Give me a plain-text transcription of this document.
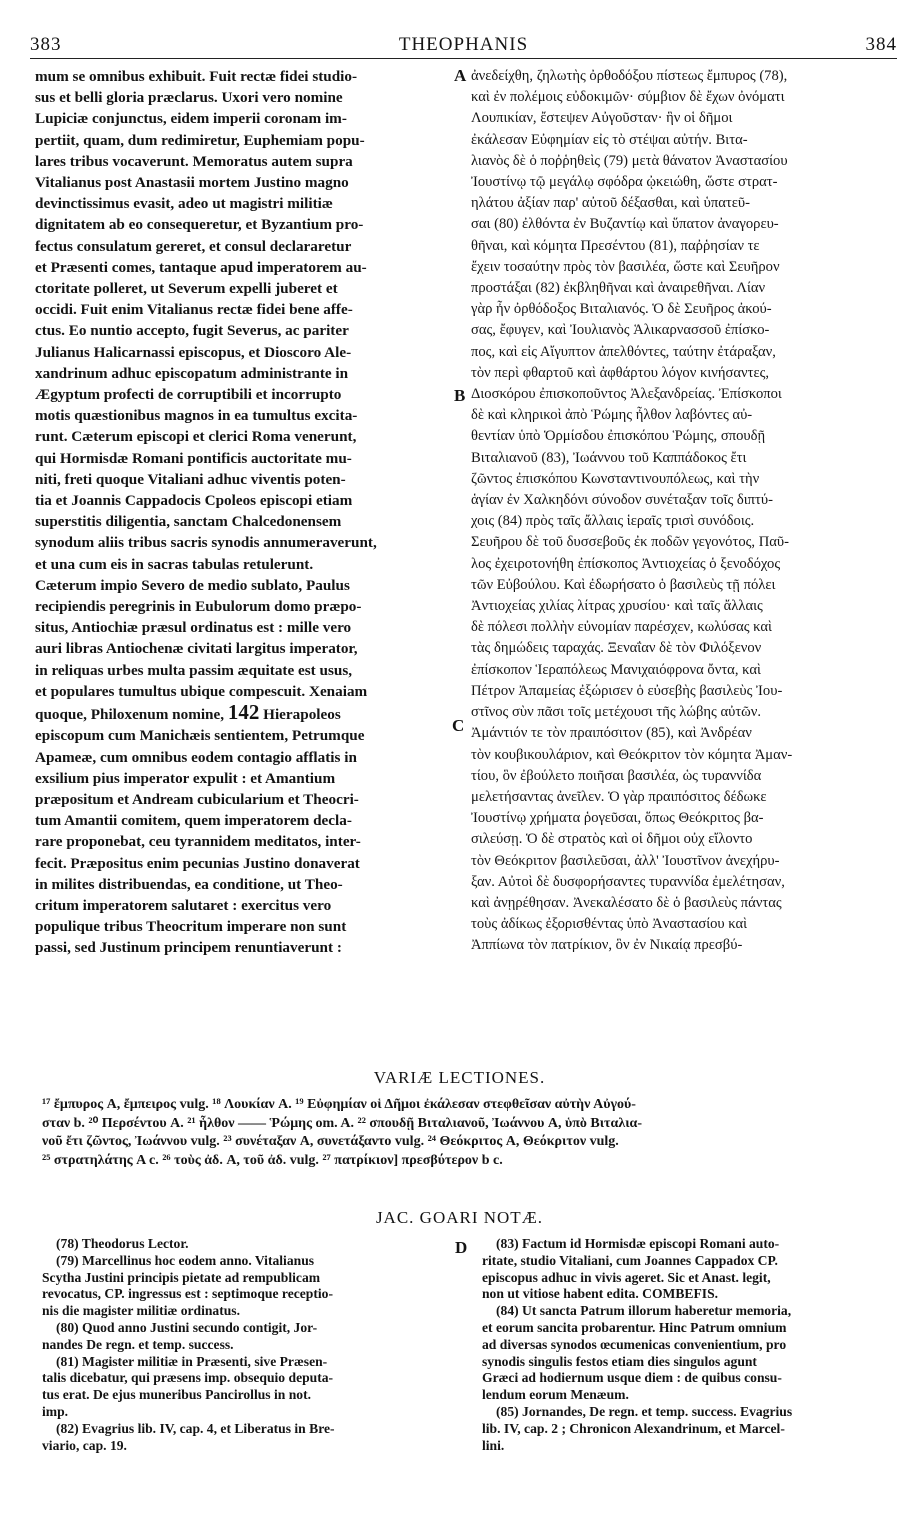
383	THEOPHANIS	384
mum se omnibus exhibuit. Fuit rectæ fidei studio-
sus et belli gloria præclarus. Uxori vero nomine
Lupiciæ conjunctus, eidem imperii coronam im-
pertiit, quam, dum redimiretur, Euphemiam popu-
lares tribus vocaverunt. Memoratus autem supra
Vitalianus post Anastasii mortem Justino magno
devinctissimus evasit, adeo ut magistri militiæ
dignitatem ab eo consequeretur, et Byzantium pro-
fectus consulatum gereret, et consul declararetur
et Præsenti comes, tantaque apud imperatorem au-
ctoritate polleret, ut Severum expelli juberet et
occidi. Fuit enim Vitalianus rectæ fidei bene affe-
ctus. Eo nuntio accepto, fugit Severus, ac pariter
Julianus Halicarnassi episcopus, et Dioscoro Ale-
xandrinum adhuc episcopatum administrante in
Ægyptum profecti de corruptibili et incorrupto
motis quæstionibus magnos in ea tumultus excita-
runt. Cæterum episcopi et clerici Roma venerunt,
qui Hormisdæ Romani pontificis auctoritate mu-
niti, freti quoque Vitaliani adhuc viventis poten-
tia et Joannis Cappadocis Cpoleos episcopi etiam
superstitis diligentia, sanctam Chalcedonensem
synodum aliis tribus sacris synodis annumeraverunt,
et una cum eis in sacras tabulas retulerunt.
Cæterum impio Severo de medio sublato, Paulus
recipiendis peregrinis in Eubulorum domo præpo-
situs, Antiochiæ præsul ordinatus est : mille vero
auri libras Antiochenæ civitati largitus imperator,
in reliquas urbes multa passim æquitate est usus,
et populares tumultus ubique compescuit. Xenaiam
quoque, Philoxenum nomine, 142 Hierapoleos
episcopum cum Manichæis sentientem, Petrumque
Apameæ, cum omnibus eodem contagio afflatis in
exsilium pius imperator expulit : et Amantium
præpositum et Andream cubicularium et Theocri-
tum Amantii comitem, quem imperatorem decla-
rare proponebat, ceu tyrannidem meditatos, inter-
fecit. Præpositus enim pecunias Justino donaverat
in milites distribuendas, ea conditione, ut Theo-
critum imperatorem salutaret : exercitus vero
populique tribus Theocritum imperare non sunt
passi, sed Justinum principem renuntiaverunt :
ἀνεδείχθη, ζηλωτὴς ὀρθοδόξου πίστεως ἔμπυρος (78),
καὶ ἐν πολέμοις εὐδοκιμῶν· σύμβιον δὲ ἔχων ὀνόματι
Λουπικίαν, ἔστεψεν Αὐγοῦσταν· ἣν οἱ δῆμοι
ἐκάλεσαν Εὐφημίαν εἰς τὸ στέψαι αὐτήν. Βιτα-
λιανὸς δὲ ὁ ποῤῥηθεὶς (79) μετὰ θάνατον Ἀναστασίου
Ἰουστίνῳ τῷ μεγάλῳ σφόδρα ᾠκειώθη, ὥστε στρατ-
ηλάτου ἀξίαν παρ' αὐτοῦ δέξασθαι, καὶ ὑπατεῦ-
σαι (80) ἐλθόντα ἐν Βυζαντίῳ καὶ ὕπατον ἀναγορευ-
θῆναι, καὶ κόμητα Πρεσέντου (81), παῤῥησίαν τε
ἔχειν τοσαύτην πρὸς τὸν βασιλέα, ὥστε καὶ Σευῆρον
προστάξαι (82) ἐκβληθῆναι καὶ ἀναιρεθῆναι. Λίαν
γὰρ ἦν ὀρθόδοξος Βιταλιανός. Ὁ δὲ Σευῆρος ἀκού-
σας, ἔφυγεν, καὶ Ἰουλιανὸς Ἁλικαρνασσοῦ ἐπίσκο-
πος, καὶ εἰς Αἴγυπτον ἀπελθόντες, ταύτην ἐτάραξαν,
τὸν περὶ φθαρτοῦ καὶ ἀφθάρτου λόγον κινήσαντες,
Διοσκόρου ἐπισκοποῦντος Ἀλεξανδρείας. Ἐπίσκοποι
δὲ καὶ κληρικοὶ ἀπὸ Ῥώμης ἦλθον λαβόντες αὐ-
θεντίαν ὑπὸ Ὁρμίσδου ἐπισκόπου Ῥώμης, σπουδῇ
Βιταλιανοῦ (83), Ἰωάννου τοῦ Καππάδοκος ἔτι
ζῶντος ἐπισκόπου Κωνσταντινουπόλεως, καὶ τὴν
ἁγίαν ἐν Χαλκηδόνι σύνοδον συνέταξαν τοῖς διπτύ-
χοις (84) πρὸς ταῖς ἄλλαις ἱεραῖς τρισὶ συνόδοις.
Σευῆρου δὲ τοῦ δυσσεβοῦς ἐκ ποδῶν γεγονότος, Παῦ-
λος ἐχειροτονήθη ἐπίσκοπος Ἀντιοχείας ὁ ξενοδόχος
τῶν Εὐβούλου. Καὶ ἐδωρήσατο ὁ βασιλεὺς τῇ πόλει
Ἀντιοχείας χιλίας λίτρας χρυσίου· καὶ ταῖς ἄλλαις
δὲ πόλεσι πολλὴν εὐνομίαν παρέσχεν, κωλύσας καὶ
τὰς δημώδεις ταραχάς. Ξεναΐαν δὲ τὸν Φιλόξενον
ἐπίσκοπον Ἱεραπόλεως Μανιχαιόφρονα ὄντα, καὶ
Πέτρον Ἀπαμείας ἐξώρισεν ὁ εὐσεβὴς βασιλεὺς Ἰου-
στῖνος σὺν πᾶσι τοῖς μετέχουσι τῆς λώβης αὐτῶν.
Ἀμάντιόν τε τὸν πραιπόσιτον (85), καὶ Ἀνδρέαν
τὸν κουβικουλάριον, καὶ Θεόκριτον τὸν κόμητα Ἀμαν-
τίου, ὃν ἐβούλετο ποιῆσαι βασιλέα, ὡς τυραννίδα
μελετήσαντας ἀνεῖλεν. Ὁ γὰρ πραιπόσιτος δέδωκε
Ἰουστίνῳ χρήματα ῥογεῦσαι, ὅπως Θεόκριτος βα-
σιλεύσῃ. Ὁ δὲ στρατὸς καὶ οἱ δῆμοι οὐχ εἴλοντο
τὸν Θεόκριτον βασιλεῦσαι, ἀλλ' Ἰουστῖνον ἀνεχήρυ-
ξαν. Αὐτοὶ δὲ δυσφορήσαντες τυραννίδα ἐμελέτησαν,
καὶ ἀνῃρέθησαν. Ἀνεκαλέσατο δὲ ὁ βασιλεὺς πάντας
τοὺς ἀδίκως ἐξορισθέντας ὑπὸ Ἀναστασίου καὶ
Ἀππίωνα τὸν πατρίκιον, ὃν ἐν Νικαίᾳ πρεσβύ-
A
B
C
D
VARIÆ LECTIONES.
¹⁷ ἔμπυρος A, ἔμπειρος vulg. ¹⁸ Λουκίαν A. ¹⁹ Εὐφημίαν οἱ Δῆμοι ἐκάλεσαν στεφθεῖσαν αὐτὴν Αὐγού-
σταν b. ²⁰ Περσέντου A. ²¹ ἦλθον —— Ῥώμης om. A. ²² σπουδῇ Βιταλιανοῦ, Ἰωάννου A, ὑπὸ Βιταλια-
νοῦ ἔτι ζῶντος, Ἰωάννου vulg. ²³ συνέταξαν A, συνετάξαντο vulg. ²⁴ Θεόκριτος A, Θεόκριτον vulg.
²⁵ στρατηλάτης A c. ²⁶ τοὺς ἀδ. A, τοῦ ἀδ. vulg. ²⁷ πατρίκιον] πρεσβύτερον b c.
JAC. GOARI NOTÆ.
(78) Theodorus Lector.
(79) Marcellinus hoc eodem anno. Vitalianus
Scytha Justini principis pietate ad rempublicam
revocatus, CP. ingressus est : septimoque receptio-
nis die magister militiæ ordinatus.
(80) Quod anno Justini secundo contigit, Jor-
nandes De regn. et temp. success.
(81) Magister militiæ in Præsenti, sive Præsen-
talis dicebatur, qui præsens imp. obsequio deputa-
tus erat. De ejus muneribus Pancirollus in not.
imp.
(82) Evagrius lib. IV, cap. 4, et Liberatus in Bre-
viario, cap. 19.
(83) Factum id Hormisdæ episcopi Romani auto-
ritate, studio Vitaliani, cum Joannes Cappadox CP.
episcopus adhuc in vivis ageret. Sic et Anast. legit,
non ut vitiose habent edita. COMBEFIS.
(84) Ut sancta Patrum illorum haberetur memoria,
et eorum sancita probarentur. Hinc Patrum omnium
ad diversas synodos œcumenicas convenientium, pro
synodis singulis festos etiam dies singulos agunt
Græci ad hodiernum usque diem : de quibus consu-
lendum eorum Menæum.
(85) Jornandes, De regn. et temp. success. Evagrius
lib. IV, cap. 2 ; Chronicon Alexandrinum, et Marcel-
lini.
